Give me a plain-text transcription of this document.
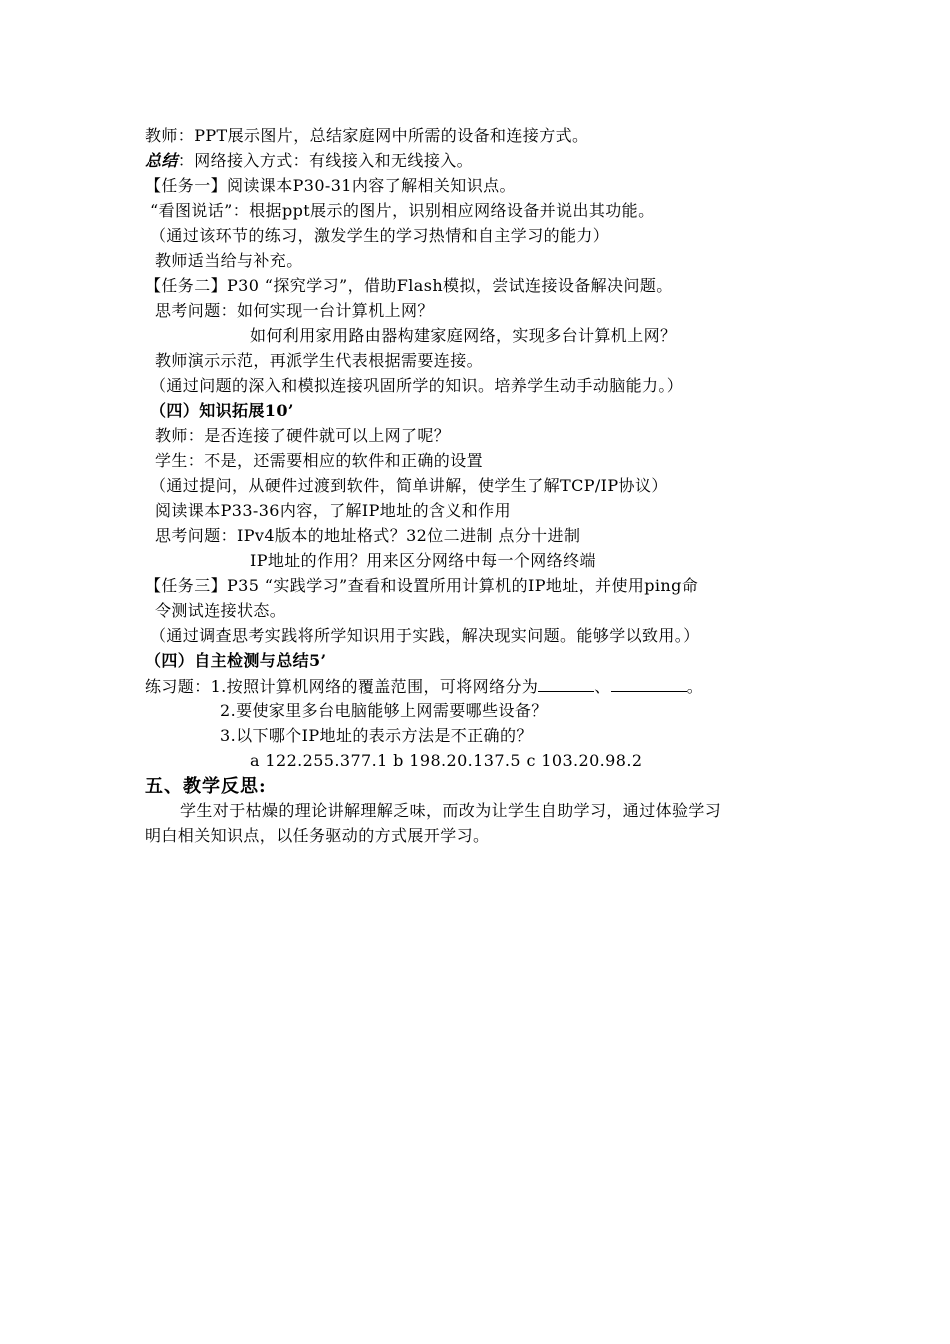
教师：PPT展示图片，总结家庭网中所需的设备和连接方式。
总结：网络接入方式：有线接入和无线接入。
【任务一】阅读课本P30-31内容了解相关知识点。
“看图说话”：根据ppt展示的图片，识别相应网络设备并说出其功能。
（通过该环节的练习，激发学生的学习热情和自主学习的能力）
教师适当给与补充。
【任务二】P30 “探究学习”，借助Flash模拟，尝试连接设备解决问题。
思考问题：如何实现一台计算机上网？
如何利用家用路由器构建家庭网络，实现多台计算机上网？
教师演示示范，再派学生代表根据需要连接。
（通过问题的深入和模拟连接巩固所学的知识。培养学生动手动脑能力。）
（四）知识拓展10’
教师：是否连接了硬件就可以上网了呢？
学生：不是，还需要相应的软件和正确的设置
（通过提问，从硬件过渡到软件，简单讲解，使学生了解TCP/IP协议）
阅读课本P33-36内容，了解IP地址的含义和作用
思考问题：IPv4版本的地址格式？32位二进制 点分十进制
IP地址的作用？用来区分网络中每一个网络终端
【任务三】P35 “实践学习”查看和设置所用计算机的IP地址，并使用ping命
令测试连接状态。
（通过调查思考实践将所学知识用于实践，解决现实问题。能够学以致用。）
（四）自主检测与总结5’
练习题：1.按照计算机网络的覆盖范围，可将网络分为	、	。
2.要使家里多台电脑能够上网需要哪些设备？
3.以下哪个IP地址的表示方法是不正确的？
a 122.255.377.1 b 198.20.137.5 c 103.20.98.2
五、教学反思:
学生对于枯燥的理论讲解理解乏味，而改为让学生自助学习，通过体验学习
明白相关知识点，以任务驱动的方式展开学习。
